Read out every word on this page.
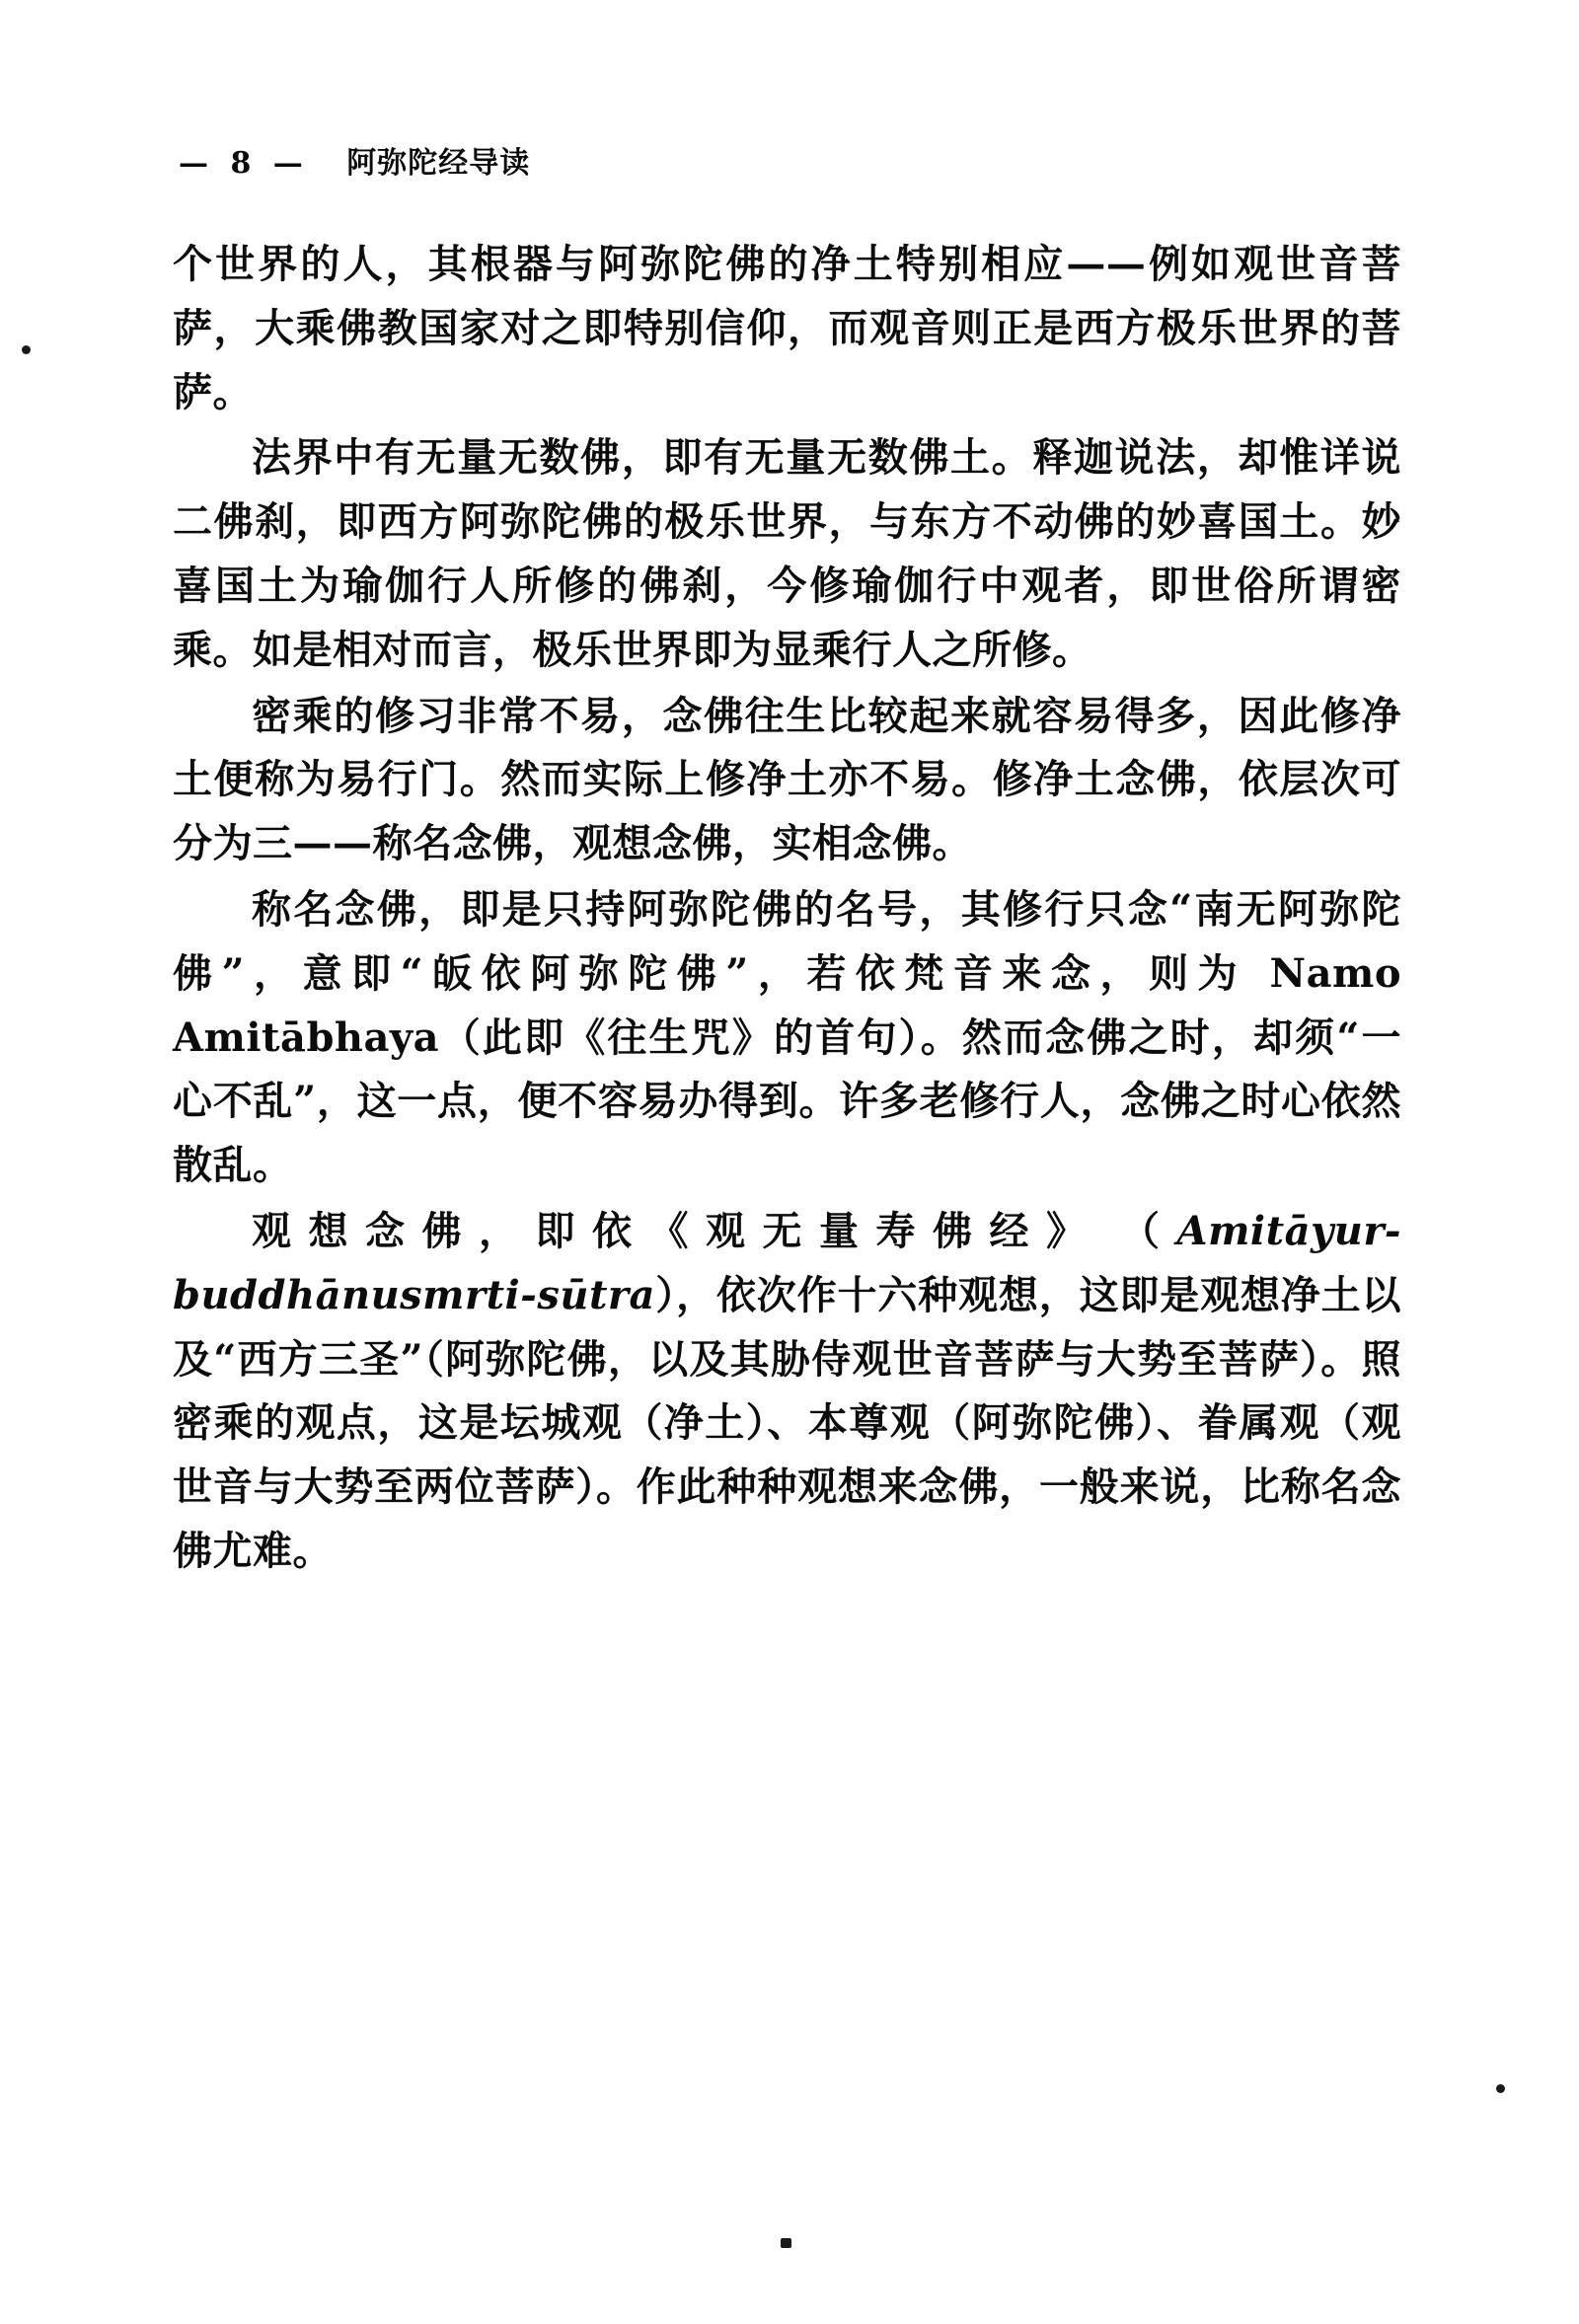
— 8 — 阿弥陀经导读

个世界的人，其根器与阿弥陀佛的净土特别相应——例如观世音菩萨，大乘佛教国家对之即特别信仰，而观音则正是西方极乐世界的菩萨。

法界中有无量无数佛，即有无量无数佛土。释迦说法，却惟详说二佛刹，即西方阿弥陀佛的极乐世界，与东方不动佛的妙喜国土。妙喜国土为瑜伽行人所修的佛刹，今修瑜伽行中观者，即世俗所谓密乘。如是相对而言，极乐世界即为显乘行人之所修。

密乘的修习非常不易，念佛往生比较起来就容易得多，因此修净土便称为易行门。然而实际上修净土亦不易。修净土念佛，依层次可分为三——称名念佛，观想念佛，实相念佛。

称名念佛，即是只持阿弥陀佛的名号，其修行只念“南无阿弥陀佛”，意即“皈依阿弥陀佛”，若依梵音来念，则为 Namo Amitābhaya（此即《往生咒》的首句）。然而念佛之时，却须“一心不乱”，这一点，便不容易办得到。许多老修行人，念佛之时心依然散乱。

观想念佛，即依《观无量寿佛经》　（Amitāyur-buddhānusmrti-sūtra），依次作十六种观想，这即是观想净土以及“西方三圣”（阿弥陀佛，以及其胁侍观世音菩萨与大势至菩萨）。照密乘的观点，这是坛城观（净土）、本尊观（阿弥陀佛）、眷属观（观世音与大势至两位菩萨）。作此种种观想来念佛，一般来说，比称名念佛尤难。
